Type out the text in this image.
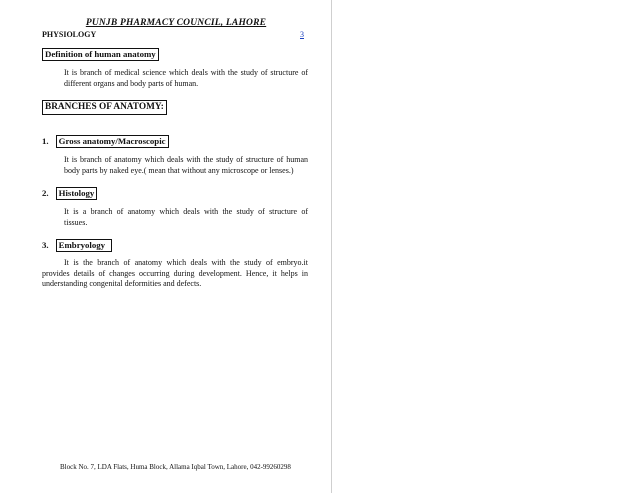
PUNJB PHARMACY COUNCIL, LAHORE
PHYSIOLOGY	3
Definition of human anatomy
It is branch of medical science which deals with the study of structure of
different organs and body parts of human.
BRANCHES OF ANATOMY:
1. Gross anatomy/Macroscopic
It is branch of anatomy which deals with the study of structure of human
body parts by naked eye.( mean that without any microscope or lenses.)
2. Histology
It is a branch of anatomy which deals with the study of structure of
tissues.
3. Embryology
It is the branch of anatomy which deals with the study of embryo.it
provides details of changes occurring during development. Hence, it helps in
understanding congenital deformities and defects.
Block No. 7, LDA Flats, Huma Block, Allama Iqbal Town, Lahore, 042-99260298
